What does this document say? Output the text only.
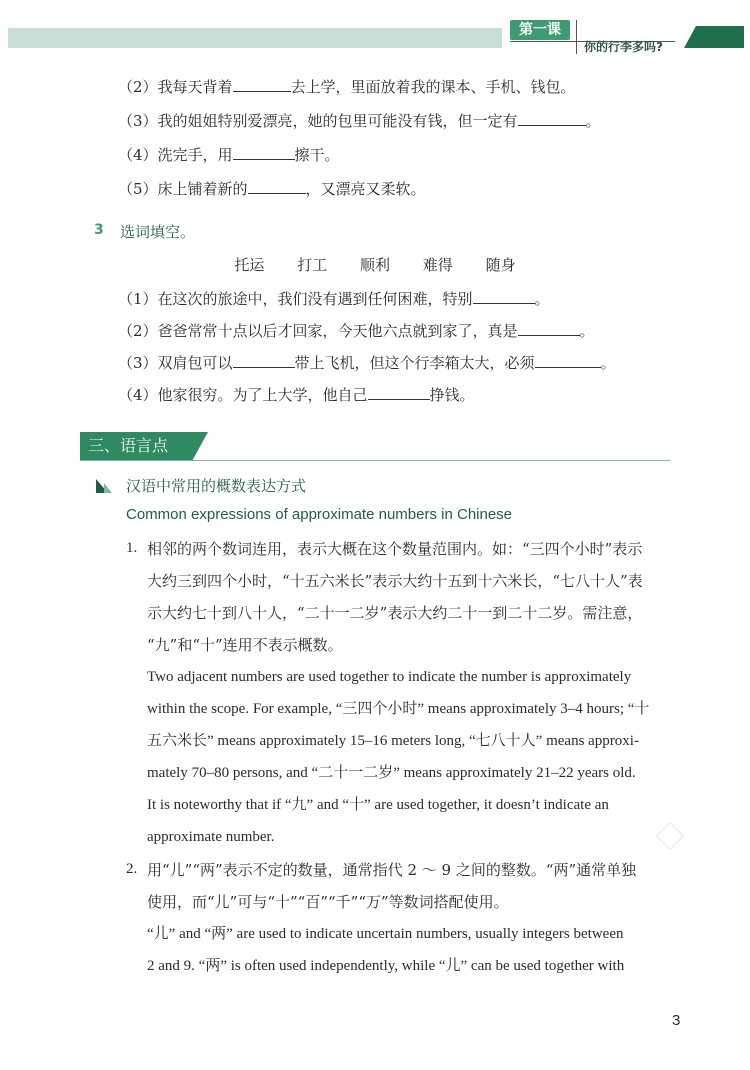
第一课
你的行李多吗?
（2）我每天背着	去上学，里面放着我的课本、手机、钱包。
（3）我的姐姐特别爱漂亮，她的包里可能没有钱，但一定有	。
（4）洗完手，用	擦干。
（5）床上铺着新的	，又漂亮又柔软。
3 选词填空。
托运 打工 顺利 难得 随身
（1）在这次的旅途中，我们没有遇到任何困难，特别	。
（2）爸爸常常十点以后才回家，今天他六点就到家了，真是	。
（3）双肩包可以	带上飞机，但这个行李箱太大，必须	。
（4）他家很穷。为了上大学，他自己	挣钱。
三、语言点
汉语中常用的概数表达方式
Common expressions of approximate numbers in Chinese
1. 相邻的两个数词连用，表示大概在这个数量范围内。如：“三四个小时”表示
大约三到四个小时，“十五六米长”表示大约十五到十六米长，“七八十人”表
示大约七十到八十人，“二十一二岁”表示大约二十一到二十二岁。需注意，
“九”和“十”连用不表示概数。
Two adjacent numbers are used together to indicate the number is approximately
within the scope. For example, “三四个小时” means approximately 3–4 hours; “十
五六米长” means approximately 15–16 meters long, “七八十人” means approxi-
mately 70–80 persons, and “二十一二岁” means approximately 21–22 years old.
It is noteworthy that if “九” and “十” are used together, it doesn’t indicate an
approximate number.
2. 用“儿”“两”表示不定的数量，通常指代 2 ～ 9 之间的整数。“两”通常单独
使用，而“儿”可与“十”“百”“千”“万”等数词搭配使用。
“儿” and “两” are used to indicate uncertain numbers, usually integers between
2 and 9. “两” is often used independently, while “儿” can be used together with
3
